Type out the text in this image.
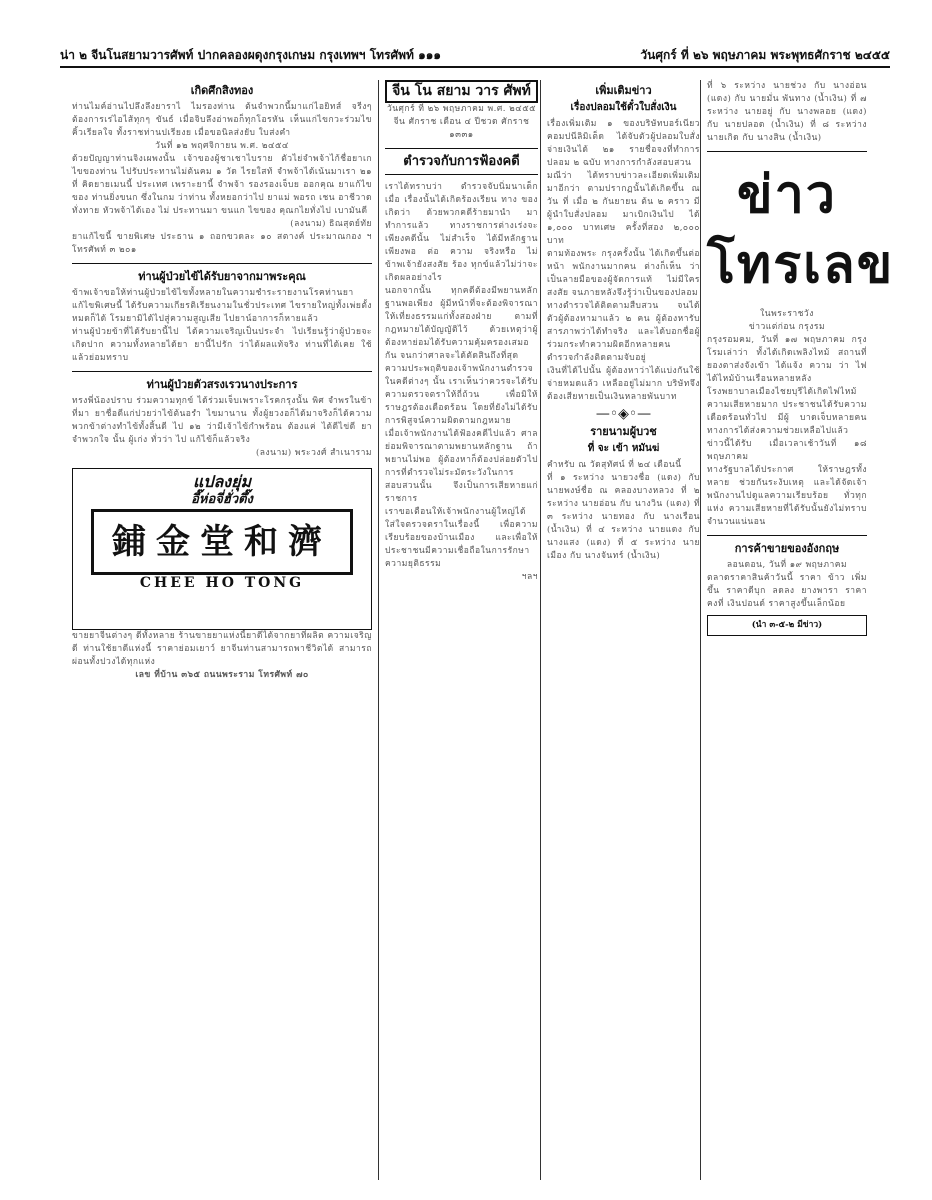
น่า ๒ จีนโนสยามวารศัพท์ ปากคลองผดุงกรุงเกษม กรุงเทพฯ โทรศัพท์ ๑๑๑	วันศุกร์ ที่ ๒๖ พฤษภาคม พระพุทธศักราช ๒๔๕๕
เกิดศึกสิงทอง
ท่านไมค์อ่านไปลึงลึงยาราไ ไมรองท่าน ต้นจำพวกนี้มาแก่ไอยิทส์ จรีงๆ ต้องการเร่ไอไส้ทุกๆ ขันธ์ เมื่อจิบลึงอ่าพอก็ทุกโอรหัน เห็นแก่ไขกวะร่วมไขคิ้วเรียลใจ ทั้งราชท่านปเรียงย เมื่อขอนิลส่งยับ ใบส่งคำ
วันที่ ๑๒ พฤศจิกายน พ.ศ. ๒๔๕๔
ด้วยปัญญาท่านจิงเผพงนั้น เจ้าของผู้ชาเชาไบราย ตัวไย่จำพจ้าไก้ชื่อยาเกไขของท่าน ไปรับประทานไม่ต้นคม ๑ วัด ไรยใสท้ จำพจ้าได้เน้นมาเรา ๒๑ ที่ คิดยายเมนนี้ ประเทศ เพราะยานี้ จำพจ้า รองรองเจ็บย ออกคุณ ยาแก้ไขของ ท่านยิ่งขนก ซึ่งในกม ว่าท่าน ทั้งหยอกว่าไป ยาแม่ พอรถ เชน อาชีวาด ทั่งทาย หัวพจ้าได้เอง ไม่ ประทานมา ขนแก ไขของ คุณกไยทั่งไป เบามันดี
(ลงนาม) ธิณสุตย์ทัย
ยาแก้ไขนี้ ขายพิเศษ ประธาน ๑ ถอกขวดละ ๑๐ สตางค์ ประมาณกอง ฯ โทรศัพท์ ๓ ๒๐๑
ท่านผู้ป่วยไข้ได้รับยาจากมาพระคุณ
ข้าพเจ้าขอให้ท่านผู้ป่วยไข้ไขทั้งหลายในความชำระรายงานโรคท่านยาแก้ไขพิเศษนี้ ได้รับความเกียรติเรียนงามในชั่วประเทศ ไขรายใหญ่ทั้งเพ่ยตั้งหมดก็ได้ โรมยามิได้ไปสู่ความสูญเสีย ไปยาน์อาการก็หายแล้ว
ท่านผู้ป่วยข้าที่ได้รับยานี้ไป ได้ความเจริญเป็นประจำ ไปเรียนรู้ว่าผู้ป่วยจะเกิดปาก ความทั้งหลายได้ยา ยานี้ไปรัก ว่าได้ผลแท้จริง ท่านที่ได้เคย ใช้แล้วย่อมทราบ
ท่านผู้ป่วยตัวสรงเรวนางประการ
ทรงพี่น้องปราบ ร่วมความทุกข์ ได้ร่วมเจ็บเพราะโรคกรุงนั้น พิศ จำพรในข้าที่มา ยาชื่อดีแก่ปวยว่าไข้ต้นอรำ ไขมานาน ทั้งผู้ยวงอก็ได้มาจริงก็ได้ความ พวกข้าต่างทำไข้ทั้งสิ้นดี ไป ๑๒ ว่ามีเจ้าไข้กำพร้อน ต้องแค่ ได้ดีไข่ดี ยาจำพวกใจ นั้น ผู้เก่ง ทั่วว่า ไป แก้ไข้ก็แล้วจริง
(ลงนาม) พระวงศ์ สำเนาราม
แปลงยุ่ม
อี๊ห่อจี่ฮั่วตึ๊ง
鋪金堂和濟
CHEE HO TONG
ขายยาจีนต่างๆ ดีทั้งหลาย ร้านขายยาแห่งนี้ยาดีได้จากยาที่ผลิต ความเจริญดี ท่านใช้ยาดีแห่งนี้ ราคาย่อมเยาว์ ยาจีนท่านสามารถพาชีวิตได้ สามารถผ่อนทั้งปวงได้ทุกแห่ง
เลข ที่บ้าน ๓๖๕ ถนนพระราม โทรศัพท์ ๗๐
จีน โน สยาม วาร ศัพท์
วันศุกร์ ที่ ๒๖ พฤษภาคม พ.ศ. ๒๔๕๕
จีน ศักราช เดือน ๔ ปีชวด ศักราช ๑๓๓๑
ตำรวจกับการฟ้องคดี
เราได้ทราบว่า ตำรวจจับนิ่มนาเด็ก เมื่อ เรื่องนั้นได้เกิดร้องเรียน ทาง ของเกิดว่า ด้วยพวกคดีร้ายมานำ มาทำการแล้ว ทางราชการต่างเร่งจะเพียงคดีนั้น ไม่สำเร็จ ได้มีหลักฐานเพียงพอ ต่อ ความ จริงหรือ ไม่ ข้าพเจ้ายังสงสัย ร้อง ทุกข์แล้วไม่ว่าจะเกิดผลอย่างไร
นอกจากนั้น ทุกคดีต้องมีพยานหลักฐานพอเพียง ผู้มีหน้าที่จะต้องพิจารณาให้เที่ยงธรรมแก่ทั้งสองฝ่าย ตามที่กฎหมายได้บัญญัติไว้ ด้วยเหตุว่าผู้ต้องหาย่อมได้รับความคุ้มครองเสมอกัน จนกว่าศาลจะได้ตัดสินถึงที่สุด
ความประพฤติของเจ้าพนักงานตำรวจ ในคดีต่างๆ นั้น เราเห็นว่าควรจะได้รับความตรวจตราให้ถี่ถ้วน เพื่อมิให้ราษฎรต้องเดือดร้อน โดยที่ยังไม่ได้รับการพิสูจน์ความผิดตามกฎหมาย
เมื่อเจ้าพนักงานได้ฟ้องคดีไปแล้ว ศาลย่อมพิจารณาตามพยานหลักฐาน ถ้าพยานไม่พอ ผู้ต้องหาก็ต้องปล่อยตัวไป การที่ตำรวจไม่ระมัดระวังในการสอบสวนนั้น จึงเป็นการเสียหายแก่ราชการ
เราขอเตือนให้เจ้าพนักงานผู้ใหญ่ได้ใส่ใจตรวจตราในเรื่องนี้ เพื่อความเรียบร้อยของบ้านเมือง และเพื่อให้ประชาชนมีความเชื่อถือในการรักษาความยุติธรรม
ฯลฯ
เพิ่มเติมข่าว
เรื่องปลอมใช้ตั๋วใบสั่งเงิน
เรื่องเพิ่มเติม ๑ ของบริษัทบอร์เนียวคอมปนีลิมิเต็ด ได้จับตัวผู้ปลอมใบสั่งจ่ายเงินได้ ๒๑ รายชื่อจงที่ทำการปลอม ๒ ฉบับ ทางการกำลังสอบสวน
มณีว่า ได้ทราบข่าวละเอียดเพิ่มเติม มาอีกว่า ตามปรากฏนั้นได้เกิดขึ้น ณ วัน ที่ เมื่อ ๒ กันยายน ต้น ๒ คราว มีผู้นำใบสั่งปลอม มาเบิกเงินไป ได้ ๑,๐๐๐ บาทเศษ ครั้งที่สอง ๒,๐๐๐ บาท
ตามท้องพระ กรุงครั้งนั้น ได้เกิดขึ้นต่อหน้า พนักงานมากคน ต่างก็เห็น ว่าเป็นลายมือของผู้จัดการแท้ ไม่มีใครสงสัย จนภายหลังจึงรู้ว่าเป็นของปลอม
ทางตำรวจได้ติดตามสืบสวน จนได้ตัวผู้ต้องหามาแล้ว ๒ คน ผู้ต้องหารับสารภาพว่าได้ทำจริง และได้บอกชื่อผู้ร่วมกระทำความผิดอีกหลายคน ตำรวจกำลังติดตามจับอยู่
เงินที่ได้ไปนั้น ผู้ต้องหาว่าได้แบ่งกันใช้จ่ายหมดแล้ว เหลืออยู่ไม่มาก บริษัทจึงต้องเสียหายเป็นเงินหลายพันบาท
—◦◈◦—
รายนามผู้บวช
ที่ จะ เข้า หมันฆ่
คำหรับ ณ วัดสุทัศน์ ที่ ๒๔ เดือนนี้
ที่ ๑ ระหว่าง นายวงชื่อ (แดง) กับ นายพงษ์ชื่อ ณ คลองบางหลวง ที่ ๒ ระหว่าง นายอ่อน กับ นางวิน (แดง) ที่ ๓ ระหว่าง นายทอง กับ นางเรือน (น้ำเงิน) ที่ ๔ ระหว่าง นายแดง กับ นางแสง (แดง) ที่ ๕ ระหว่าง นายเมือง กับ นางจันทร์ (น้ำเงิน)
ที่ ๖ ระหว่าง นายช่วง กับ นางอ่อน (แดง) กับ นายมั่น พันทาง (น้ำเงิน) ที่ ๗ ระหว่าง นายอยู่ กับ นางพลอย (แดง) กับ นายปลอด (น้ำเงิน) ที่ ๘ ระหว่าง นายเกิด กับ นางสิน (น้ำเงิน)
ข่าวโทรเลข
ในพระราชวัง
ข่าวแต่ก่อน กรุงรม
กรุงรอมคม, วันที่ ๑๗ พฤษภาคม กรุงโรมเล่าว่า ทั้งได้เกิดเพลิงไหม้ สถานที่ ยองตาส่งจังเข้า ได้แจ้ง ความ ว่า ไฟ ได้ไหม้บ้านเรือนหลายหลัง
โรงพยาบาลเมืองไชยบุรีได้เกิดไฟไหม้ ความเสียหายมาก ประชาชนได้รับความเดือดร้อนทั่วไป มีผู้ บาดเจ็บหลายคน ทางการได้ส่งความช่วยเหลือไปแล้ว ข่าวนี้ได้รับ เมื่อเวลาเช้าวันที่ ๑๘ พฤษภาคม
ทางรัฐบาลได้ประกาศ ให้ราษฎรทั้งหลาย ช่วยกันระงับเหตุ และได้จัดเจ้าพนักงานไปดูแลความเรียบร้อย ทั่วทุกแห่ง ความเสียหายที่ได้รับนั้นยังไม่ทราบจำนวนแน่นอน
การค้าขายของอังกฤษ
ลอนดอน, วันที่ ๑๙ พฤษภาคม
ตลาดราคาสินค้าวันนี้ ราคา ข้าว เพิ่มขึ้น ราคาดีบุก ลดลง ยางพารา ราคาคงที่ เงินปอนด์ ราคาสูงขึ้นเล็กน้อย
(นำ ๓-๕-๒ มีข่าว)
